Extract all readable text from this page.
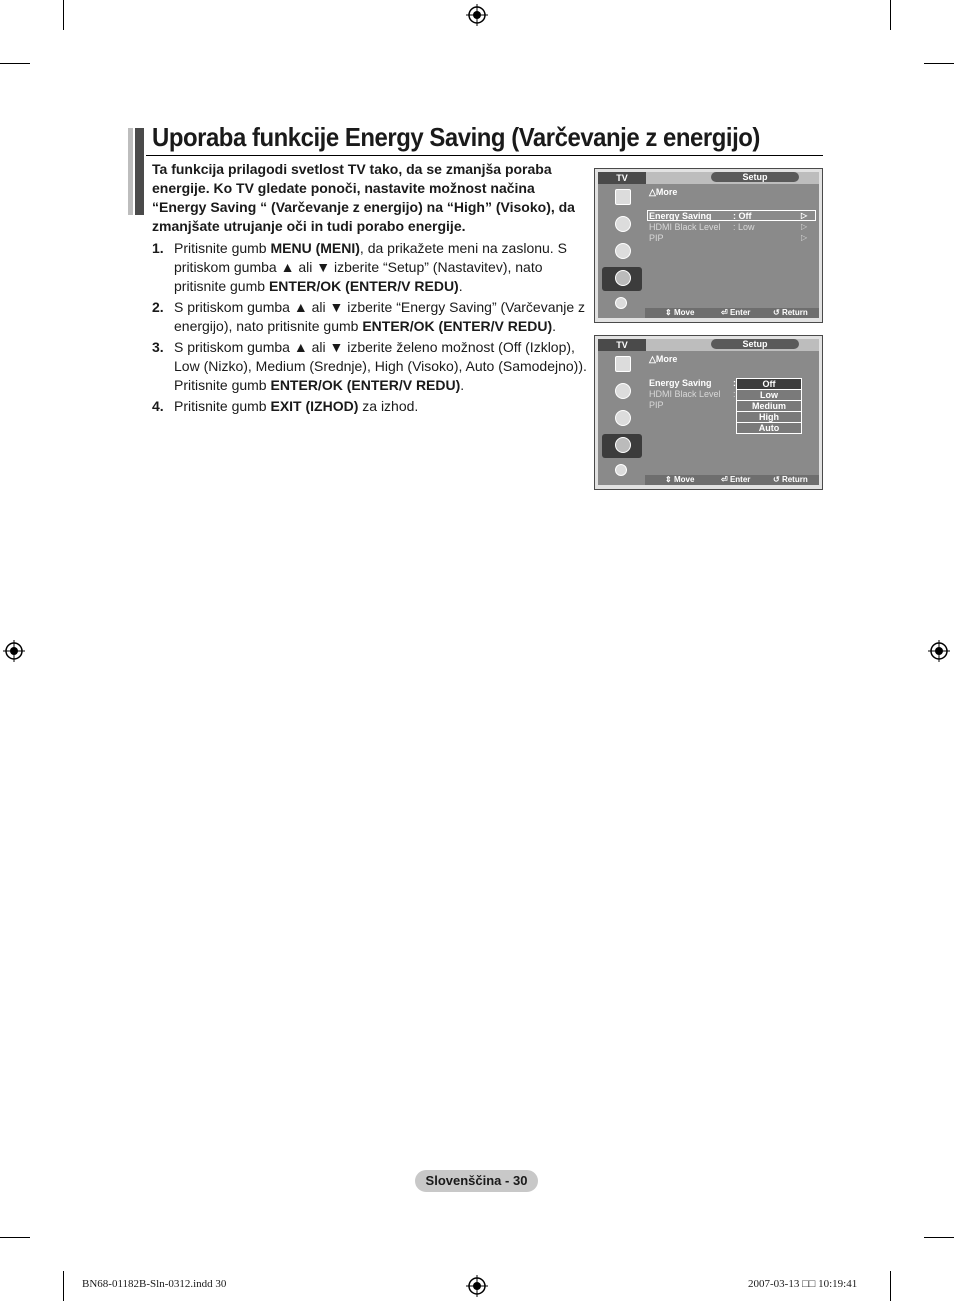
Uporaba funkcije Energy Saving (Varčevanje z energijo)
Ta funkcija prilagodi svetlost TV tako, da se zmanjša poraba energije. Ko TV gledate ponoči, nastavite možnost načina “Energy Saving “ (Varčevanje z energijo) na “High” (Visoko), da zmanjšate utrujanje oči in tudi porabo energije.
1. Pritisnite gumb MENU (MENI), da prikažete meni na zaslonu. S pritiskom gumba ▲ ali ▼ izberite “Setup” (Nastavitev), nato pritisnite gumb ENTER/OK (ENTER/V REDU).

2. S pritiskom gumba ▲ ali ▼ izberite “Energy Saving” (Varčevanje z energijo), nato pritisnite gumb ENTER/OK (ENTER/V REDU).

3. S pritiskom gumba ▲ ali ▼ izberite želeno možnost (Off (Izklop), Low (Nizko), Medium (Srednje), High (Visoko), Auto (Samodejno)). Pritisnite gumb ENTER/OK (ENTER/V REDU).

4. Pritisnite gumb EXIT (IZHOD) za izhod.

TV	Setup
△More
Energy Saving : Off	▷
HDMI Black Level : Low	▷
PIP	▷
⇕ Move	⏎ Enter	↺ Return
TV	Setup
△More
Energy Saving :
HDMI Black Level :
PIP
Off
Low
Medium
High
Auto
⇕ Move	⏎ Enter	↺ Return
Slovenščina - 30
BN68-01182B-Sln-0312.indd 30	2007-03-13 □□ 10:19:41
